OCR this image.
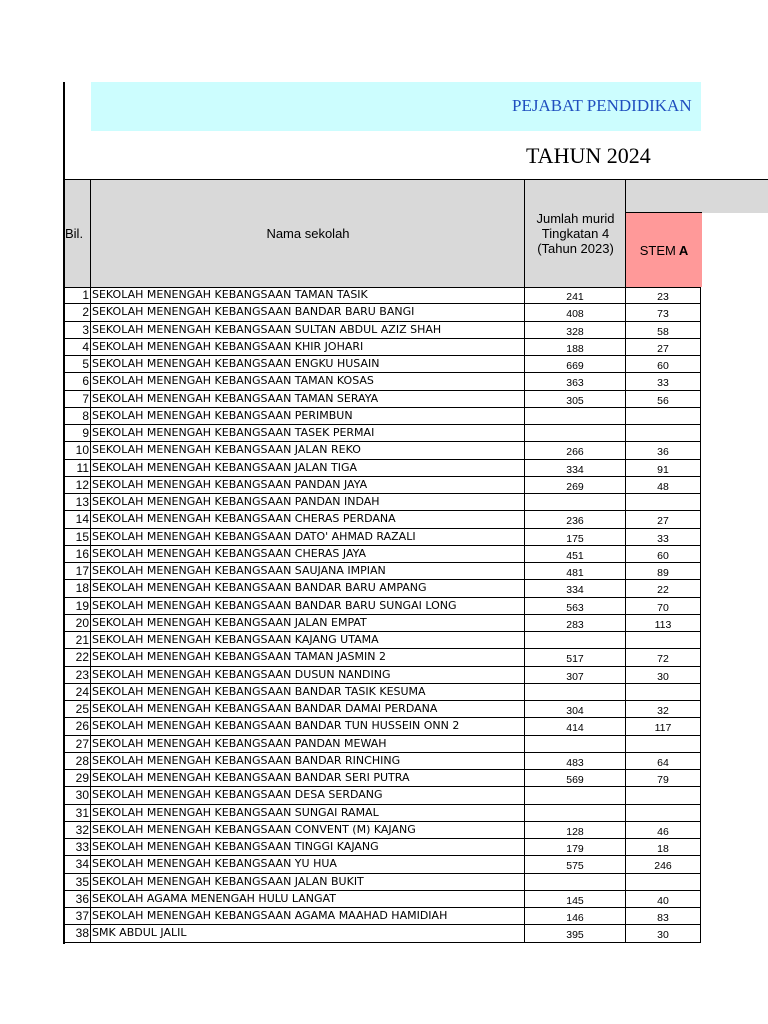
PEJABAT PENDIDIKAN
TAHUN 2024
Bil.	Nama sekolah
Jumlah murid
Tingkatan 4
(Tahun 2023)	STEM A
1 SEKOLAH MENENGAH KEBANGSAAN TAMAN TASIK	241	23
2 SEKOLAH MENENGAH KEBANGSAAN BANDAR BARU BANGI	408	73
3 SEKOLAH MENENGAH KEBANGSAAN SULTAN ABDUL AZIZ SHAH	328	58
4 SEKOLAH MENENGAH KEBANGSAAN KHIR JOHARI	188	27
5 SEKOLAH MENENGAH KEBANGSAAN ENGKU HUSAIN	669	60
6 SEKOLAH MENENGAH KEBANGSAAN TAMAN KOSAS	363	33
7 SEKOLAH MENENGAH KEBANGSAAN TAMAN SERAYA	305	56
8 SEKOLAH MENENGAH KEBANGSAAN PERIMBUN
9 SEKOLAH MENENGAH KEBANGSAAN TASEK PERMAI
10 SEKOLAH MENENGAH KEBANGSAAN JALAN REKO	266	36
11 SEKOLAH MENENGAH KEBANGSAAN JALAN TIGA	334	91
12 SEKOLAH MENENGAH KEBANGSAAN PANDAN JAYA	269	48
13 SEKOLAH MENENGAH KEBANGSAAN PANDAN INDAH
14 SEKOLAH MENENGAH KEBANGSAAN CHERAS PERDANA	236	27
15 SEKOLAH MENENGAH KEBANGSAAN DATO' AHMAD RAZALI	175	33
16 SEKOLAH MENENGAH KEBANGSAAN CHERAS JAYA	451	60
17 SEKOLAH MENENGAH KEBANGSAAN SAUJANA IMPIAN	481	89
18 SEKOLAH MENENGAH KEBANGSAAN BANDAR BARU AMPANG	334	22
19 SEKOLAH MENENGAH KEBANGSAAN BANDAR BARU SUNGAI LONG	563	70
20 SEKOLAH MENENGAH KEBANGSAAN JALAN EMPAT	283	113
21 SEKOLAH MENENGAH KEBANGSAAN KAJANG UTAMA
22 SEKOLAH MENENGAH KEBANGSAAN TAMAN JASMIN 2	517	72
23 SEKOLAH MENENGAH KEBANGSAAN DUSUN NANDING	307	30
24 SEKOLAH MENENGAH KEBANGSAAN BANDAR TASIK KESUMA
25 SEKOLAH MENENGAH KEBANGSAAN BANDAR DAMAI PERDANA	304	32
26 SEKOLAH MENENGAH KEBANGSAAN BANDAR TUN HUSSEIN ONN 2	414	117
27 SEKOLAH MENENGAH KEBANGSAAN PANDAN MEWAH
28 SEKOLAH MENENGAH KEBANGSAAN BANDAR RINCHING	483	64
29 SEKOLAH MENENGAH KEBANGSAAN BANDAR SERI PUTRA	569	79
30 SEKOLAH MENENGAH KEBANGSAAN DESA SERDANG
31 SEKOLAH MENENGAH KEBANGSAAN SUNGAI RAMAL
32 SEKOLAH MENENGAH KEBANGSAAN CONVENT (M) KAJANG	128	46
33 SEKOLAH MENENGAH KEBANGSAAN TINGGI KAJANG	179	18
34 SEKOLAH MENENGAH KEBANGSAAN YU HUA	575	246
35 SEKOLAH MENENGAH KEBANGSAAN JALAN BUKIT
36 SEKOLAH AGAMA MENENGAH HULU LANGAT	145	40
37 SEKOLAH MENENGAH KEBANGSAAN AGAMA MAAHAD HAMIDIAH	146	83
38 SMK ABDUL JALIL	395	30
